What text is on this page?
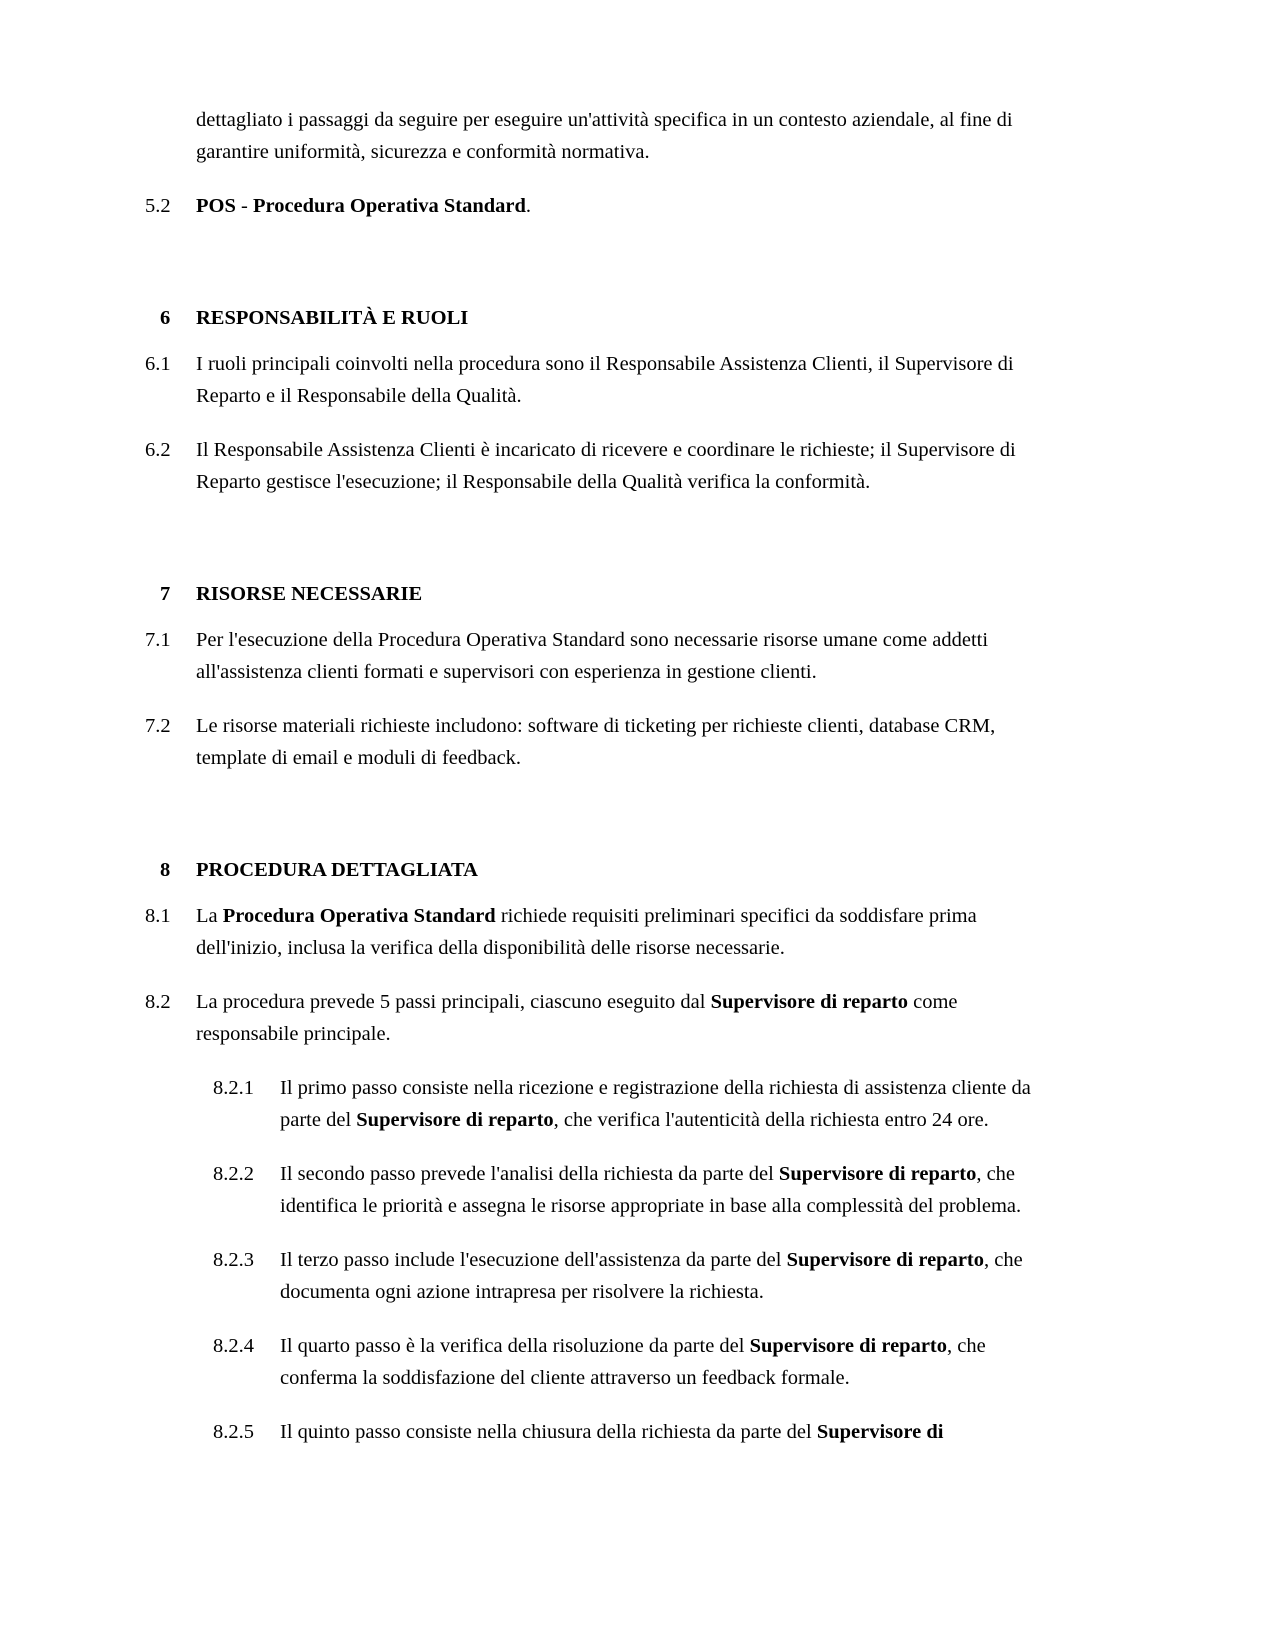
dettagliato i passaggi da seguire per eseguire un'attività specifica in un contesto aziendale, al fine di garantire uniformità, sicurezza e conformità normativa.

5.2	POS - Procedura Operativa Standard.
6	RESPONSABILITÀ E RUOLI
6.1	I ruoli principali coinvolti nella procedura sono il Responsabile Assistenza Clienti, il Supervisore di Reparto e il Responsabile della Qualità.
6.2	Il Responsabile Assistenza Clienti è incaricato di ricevere e coordinare le richieste; il Supervisore di Reparto gestisce l'esecuzione; il Responsabile della Qualità verifica la conformità.
7	RISORSE NECESSARIE
7.1	Per l'esecuzione della Procedura Operativa Standard sono necessarie risorse umane come addetti all'assistenza clienti formati e supervisori con esperienza in gestione clienti.
7.2	Le risorse materiali richieste includono: software di ticketing per richieste clienti, database CRM, template di email e moduli di feedback.
8	PROCEDURA DETTAGLIATA
8.1	La Procedura Operativa Standard richiede requisiti preliminari specifici da soddisfare prima dell'inizio, inclusa la verifica della disponibilità delle risorse necessarie.
8.2	La procedura prevede 5 passi principali, ciascuno eseguito dal Supervisore di reparto come responsabile principale.
8.2.1	Il primo passo consiste nella ricezione e registrazione della richiesta di assistenza cliente da parte del Supervisore di reparto, che verifica l'autenticità della richiesta entro 24 ore.
8.2.2	Il secondo passo prevede l'analisi della richiesta da parte del Supervisore di reparto, che identifica le priorità e assegna le risorse appropriate in base alla complessità del problema.
8.2.3	Il terzo passo include l'esecuzione dell'assistenza da parte del Supervisore di reparto, che documenta ogni azione intrapresa per risolvere la richiesta.
8.2.4	Il quarto passo è la verifica della risoluzione da parte del Supervisore di reparto, che conferma la soddisfazione del cliente attraverso un feedback formale.
8.2.5	Il quinto passo consiste nella chiusura della richiesta da parte del Supervisore di
